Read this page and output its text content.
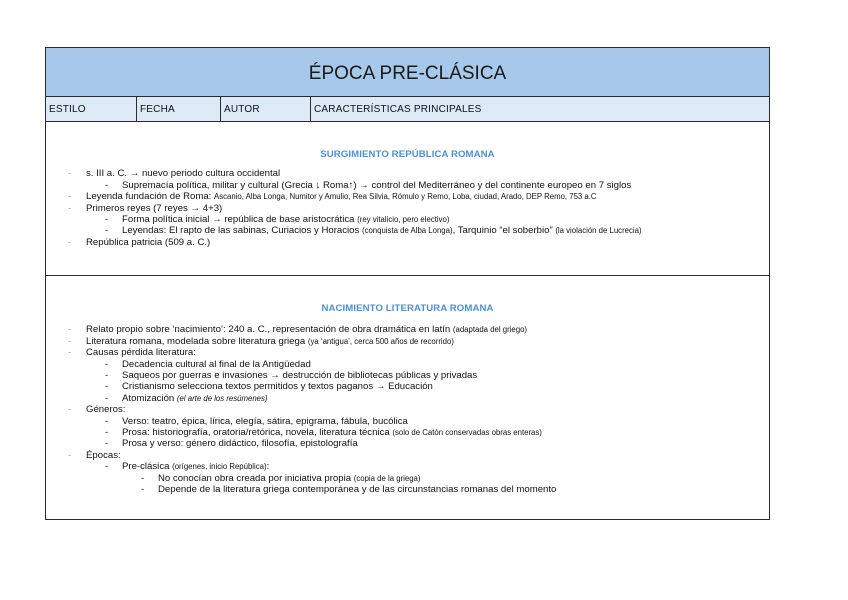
ÉPOCA PRE-CLÁSICA
ESTILO	FECHA	AUTOR	CARACTERÍSTICAS PRINCIPALES
SURGIMIENTO REPÚBLICA ROMANA
- s. III a. C. → nuevo periodo cultura occidental
- Supremacía política, militar y cultural (Grecia ↓ Roma↑) → control del Mediterráneo y del continente europeo en 7 siglos
- Leyenda fundación de Roma: Ascanio, Alba Longa, Numitor y Amulio, Rea Silvia, Rómulo y Remo, Loba, ciudad, Arado, DEP Remo, 753 a.C
- Primeros reyes (7 reyes → 4+3)
- Forma política inicial → república de base aristocrática (rey vitalicio, pero electivo)
- Leyendas: El rapto de las sabinas, Curiacios y Horacios (conquista de Alba Longa), Tarquinio “el soberbio” (la violación de Lucrecia)
- República patricia (509 a. C.)
NACIMIENTO LITERATURA ROMANA
- Relato propio sobre ‘nacimiento’: 240 a. C., representación de obra dramática en latín (adaptada del griego)
- Literatura romana, modelada sobre literatura griega (ya ‘antigua’, cerca 500 años de recorrido)
- Causas pérdida literatura:
- Decadencia cultural al final de la Antigüedad
- Saqueos por guerras e invasiones → destrucción de bibliotecas públicas y privadas
- Cristianismo selecciona textos permitidos y textos paganos → Educación
- Atomización (el arte de los resúmenes)
- Géneros:
- Verso: teatro, épica, lírica, elegía, sátira, epigrama, fábula, bucólica
- Prosa: historiografía, oratoria/retórica, novela, literatura técnica (solo de Catón conservadas obras enteras)
- Prosa y verso: género didáctico, filosofía, epistolografía
- Épocas:
- Pre-clásica (orígenes, inicio República):
- No conocían obra creada por iniciativa propia (copia de la griega)
- Depende de la literatura griega contemporánea y de las circunstancias romanas del momento
